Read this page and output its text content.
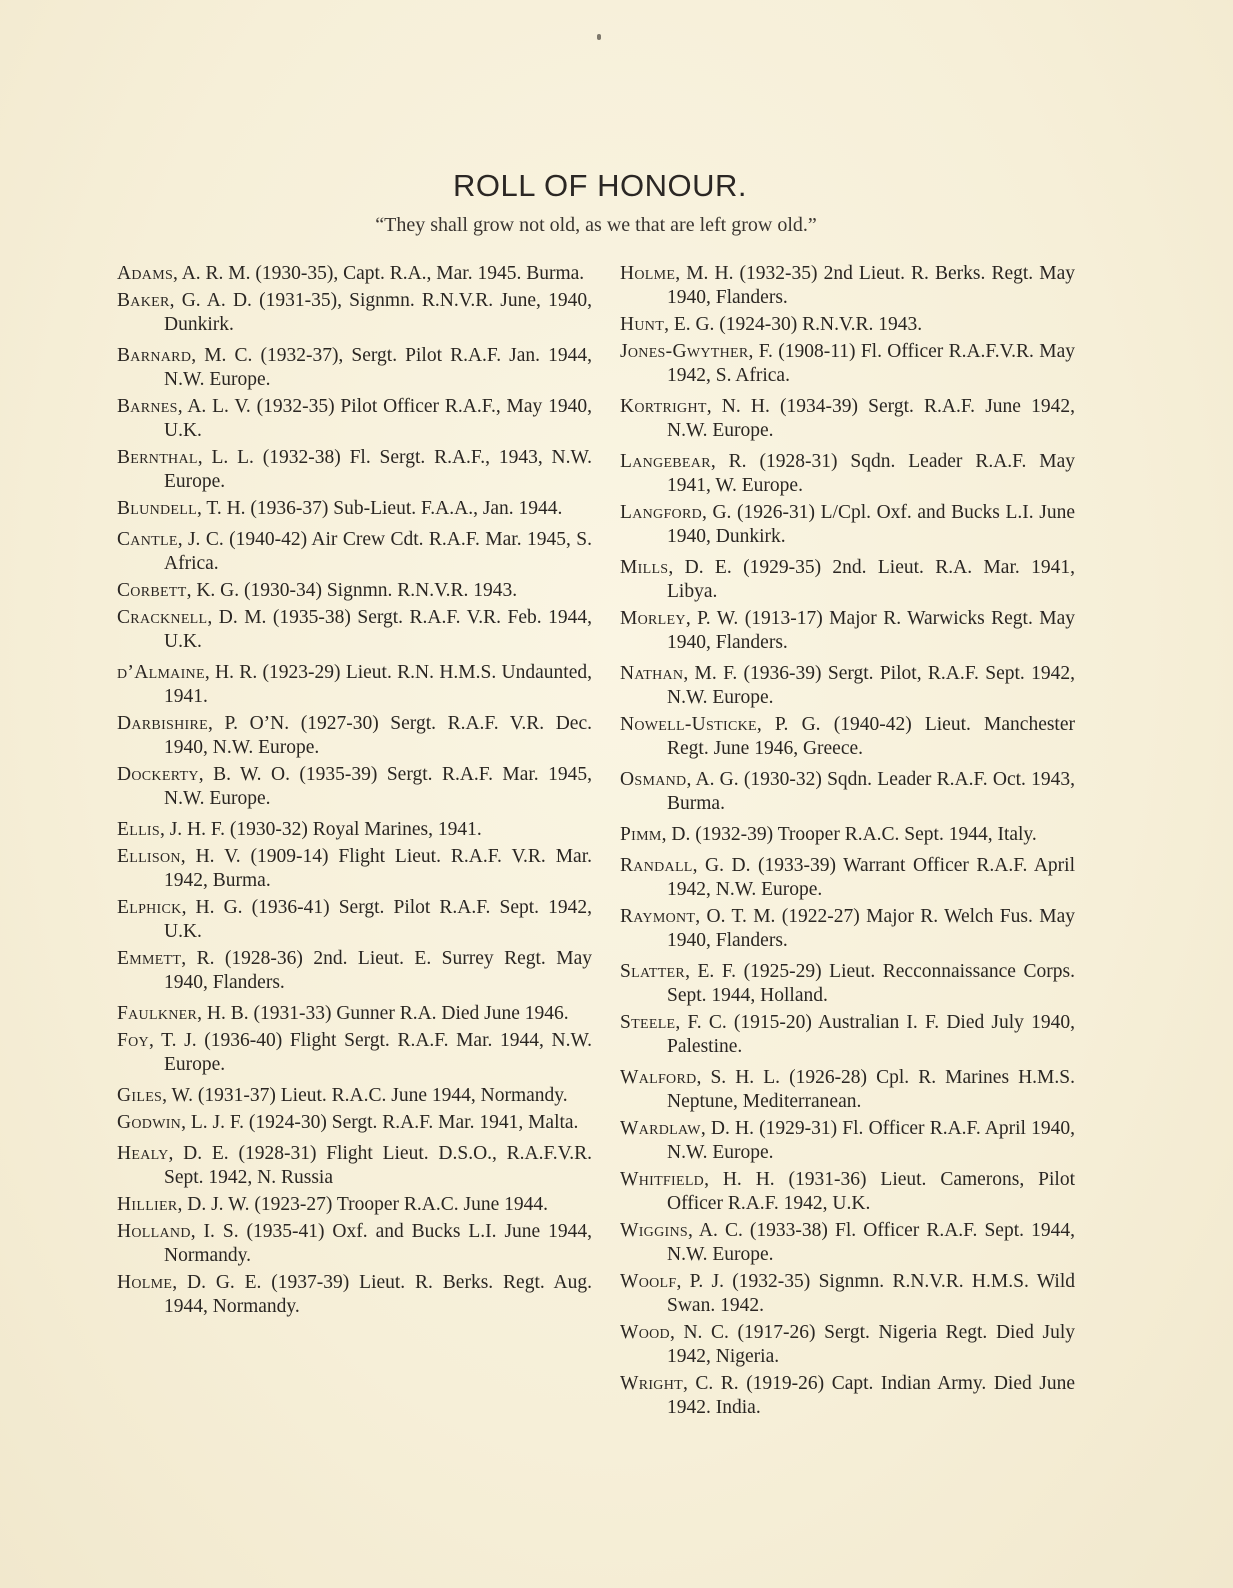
ROLL OF HONOUR.
“They shall grow not old, as we that are left grow old.”
Adams, A. R. M. (1930-35), Capt. R.A., Mar. 1945. Burma.
Baker, G. A. D. (1931-35), Signmn. R.N.V.R. June, 1940, Dunkirk.
Barnard, M. C. (1932-37), Sergt. Pilot R.A.F. Jan. 1944, N.W. Europe.
Barnes, A. L. V. (1932-35) Pilot Officer R.A.F., May 1940, U.K.
Bernthal, L. L. (1932-38) Fl. Sergt. R.A.F., 1943, N.W. Europe.
Blundell, T. H. (1936-37) Sub-Lieut. F.A.A., Jan. 1944.
Cantle, J. C. (1940-42) Air Crew Cdt. R.A.F. Mar. 1945, S. Africa.
Corbett, K. G. (1930-34) Signmn. R.N.V.R. 1943.
Cracknell, D. M. (1935-38) Sergt. R.A.F. V.R. Feb. 1944, U.K.
d’Almaine, H. R. (1923-29) Lieut. R.N. H.M.S. Undaunted, 1941.
Darbishire, P. O’N. (1927-30) Sergt. R.A.F. V.R. Dec. 1940, N.W. Europe.
Dockerty, B. W. O. (1935-39) Sergt. R.A.F. Mar. 1945, N.W. Europe.
Ellis, J. H. F. (1930-32) Royal Marines, 1941.
Ellison, H. V. (1909-14) Flight Lieut. R.A.F. V.R. Mar. 1942, Burma.
Elphick, H. G. (1936-41) Sergt. Pilot R.A.F. Sept. 1942, U.K.
Emmett, R. (1928-36) 2nd. Lieut. E. Surrey Regt. May 1940, Flanders.
Faulkner, H. B. (1931-33) Gunner R.A. Died June 1946.
Foy, T. J. (1936-40) Flight Sergt. R.A.F. Mar. 1944, N.W. Europe.
Giles, W. (1931-37) Lieut. R.A.C. June 1944, Normandy.
Godwin, L. J. F. (1924-30) Sergt. R.A.F. Mar. 1941, Malta.
Healy, D. E. (1928-31) Flight Lieut. D.S.O., R.A.F.V.R. Sept. 1942, N. Russia
Hillier, D. J. W. (1923-27) Trooper R.A.C. June 1944.
Holland, I. S. (1935-41) Oxf. and Bucks L.I. June 1944, Normandy.
Holme, D. G. E. (1937-39) Lieut. R. Berks. Regt. Aug. 1944, Normandy.
Holme, M. H. (1932-35) 2nd Lieut. R. Berks. Regt. May 1940, Flanders.
Hunt, E. G. (1924-30) R.N.V.R. 1943.
Jones-Gwyther, F. (1908-11) Fl. Officer R.A.F.V.R. May 1942, S. Africa.
Kortright, N. H. (1934-39) Sergt. R.A.F. June 1942, N.W. Europe.
Langebear, R. (1928-31) Sqdn. Leader R.A.F. May 1941, W. Europe.
Langford, G. (1926-31) L/Cpl. Oxf. and Bucks L.I. June 1940, Dunkirk.
Mills, D. E. (1929-35) 2nd. Lieut. R.A. Mar. 1941, Libya.
Morley, P. W. (1913-17) Major R. Warwicks Regt. May 1940, Flanders.
Nathan, M. F. (1936-39) Sergt. Pilot, R.A.F. Sept. 1942, N.W. Europe.
Nowell-Usticke, P. G. (1940-42) Lieut. Manchester Regt. June 1946, Greece.
Osmand, A. G. (1930-32) Sqdn. Leader R.A.F. Oct. 1943, Burma.
Pimm, D. (1932-39) Trooper R.A.C. Sept. 1944, Italy.
Randall, G. D. (1933-39) Warrant Officer R.A.F. April 1942, N.W. Europe.
Raymont, O. T. M. (1922-27) Major R. Welch Fus. May 1940, Flanders.
Slatter, E. F. (1925-29) Lieut. Recconnaissance Corps. Sept. 1944, Holland.
Steele, F. C. (1915-20) Australian I. F. Died July 1940, Palestine.
Walford, S. H. L. (1926-28) Cpl. R. Marines H.M.S. Neptune, Mediterranean.
Wardlaw, D. H. (1929-31) Fl. Officer R.A.F. April 1940, N.W. Europe.
Whitfield, H. H. (1931-36) Lieut. Camerons, Pilot Officer R.A.F. 1942, U.K.
Wiggins, A. C. (1933-38) Fl. Officer R.A.F. Sept. 1944, N.W. Europe.
Woolf, P. J. (1932-35) Signmn. R.N.V.R. H.M.S. Wild Swan. 1942.
Wood, N. C. (1917-26) Sergt. Nigeria Regt. Died July 1942, Nigeria.
Wright, C. R. (1919-26) Capt. Indian Army. Died June 1942. India.
